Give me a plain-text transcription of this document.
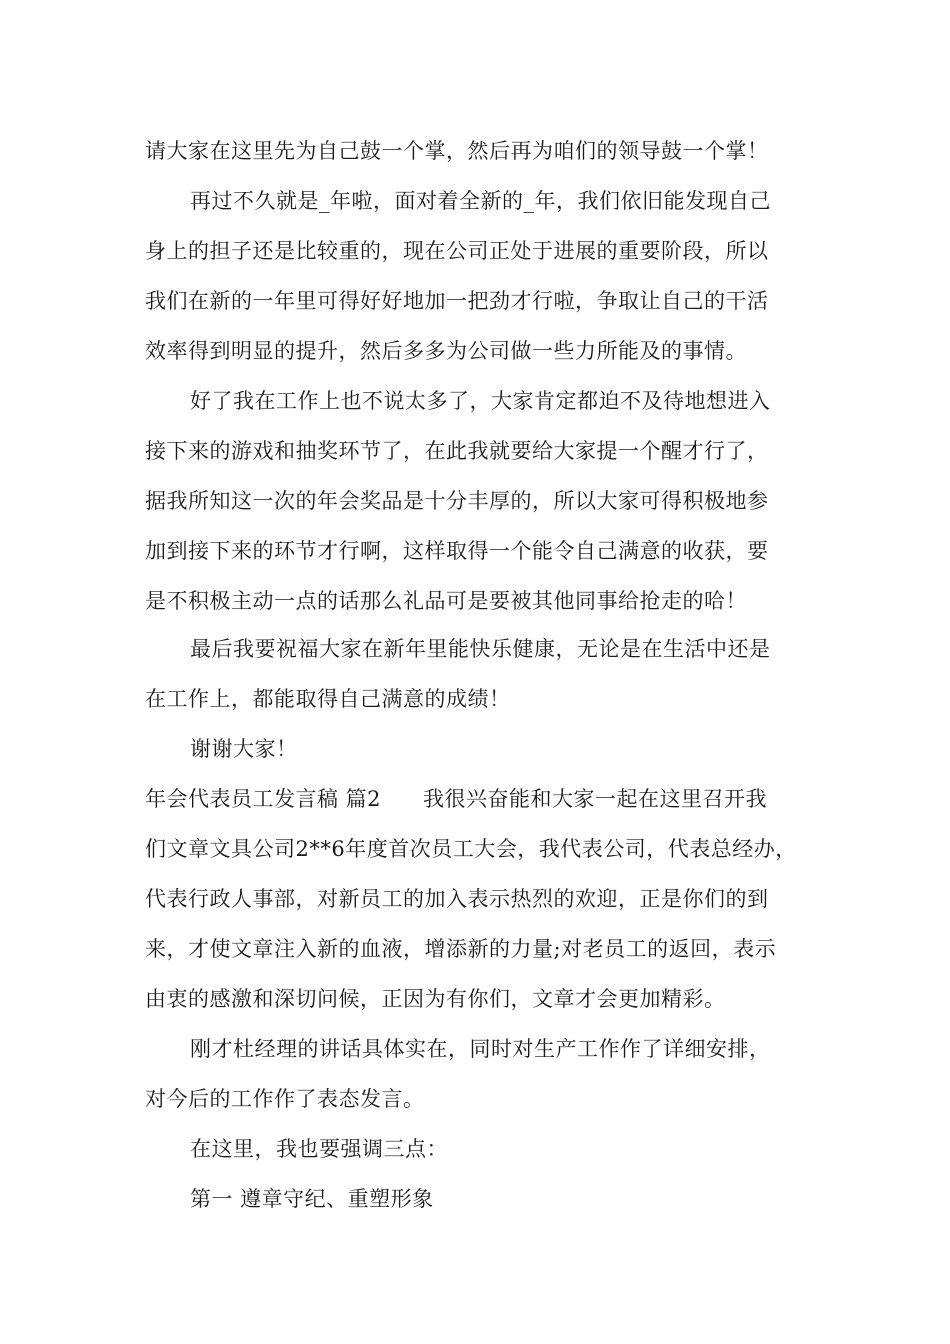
请大家在这里先为自己鼓一个掌，然后再为咱们的领导鼓一个掌！
再过不久就是_年啦，面对着全新的_年，我们依旧能发现自己
身上的担子还是比较重的，现在公司正处于进展的重要阶段，所以
我们在新的一年里可得好好地加一把劲才行啦，争取让自己的干活
效率得到明显的提升，然后多多为公司做一些力所能及的事情。
好了我在工作上也不说太多了，大家肯定都迫不及待地想进入
接下来的游戏和抽奖环节了，在此我就要给大家提一个醒才行了，
据我所知这一次的年会奖品是十分丰厚的，所以大家可得积极地参
加到接下来的环节才行啊，这样取得一个能令自己满意的收获，要
是不积极主动一点的话那么礼品可是要被其他同事给抢走的哈！
最后我要祝福大家在新年里能快乐健康，无论是在生活中还是
在工作上，都能取得自己满意的成绩！
谢谢大家！
年会代表员工发言稿 篇2 我很兴奋能和大家一起在这里召开我
们文章文具公司2**6年度首次员工大会，我代表公司，代表总经办，
代表行政人事部，对新员工的加入表示热烈的欢迎，正是你们的到
来，才使文章注入新的血液，增添新的力量;对老员工的返回，表示
由衷的感激和深切问候，正因为有你们，文章才会更加精彩。
刚才杜经理的讲话具体实在，同时对生产工作作了详细安排，
对今后的工作作了表态发言。
在这里，我也要强调三点：
第一 遵章守纪、重塑形象
